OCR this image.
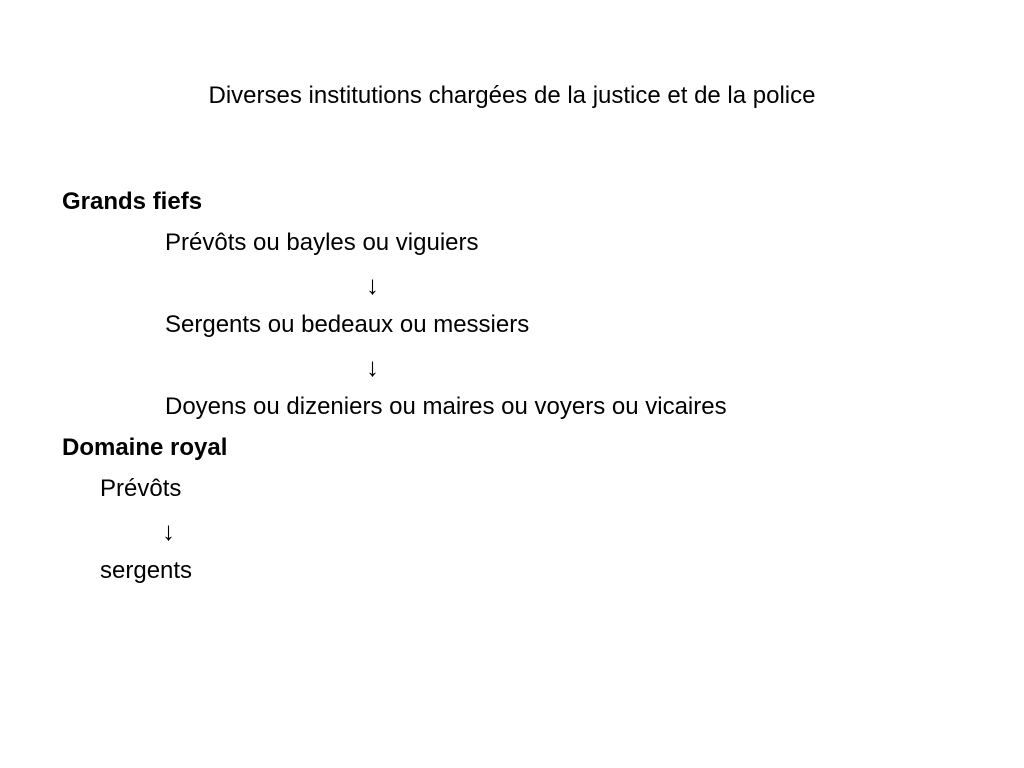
Diverses institutions chargées de la justice et de la police
Grands fiefs
Prévôts ou bayles ou viguiers
↓
Sergents ou bedeaux ou messiers
↓
Doyens ou dizeniers ou maires ou voyers ou vicaires
Domaine royal
Prévôts
↓
sergents
